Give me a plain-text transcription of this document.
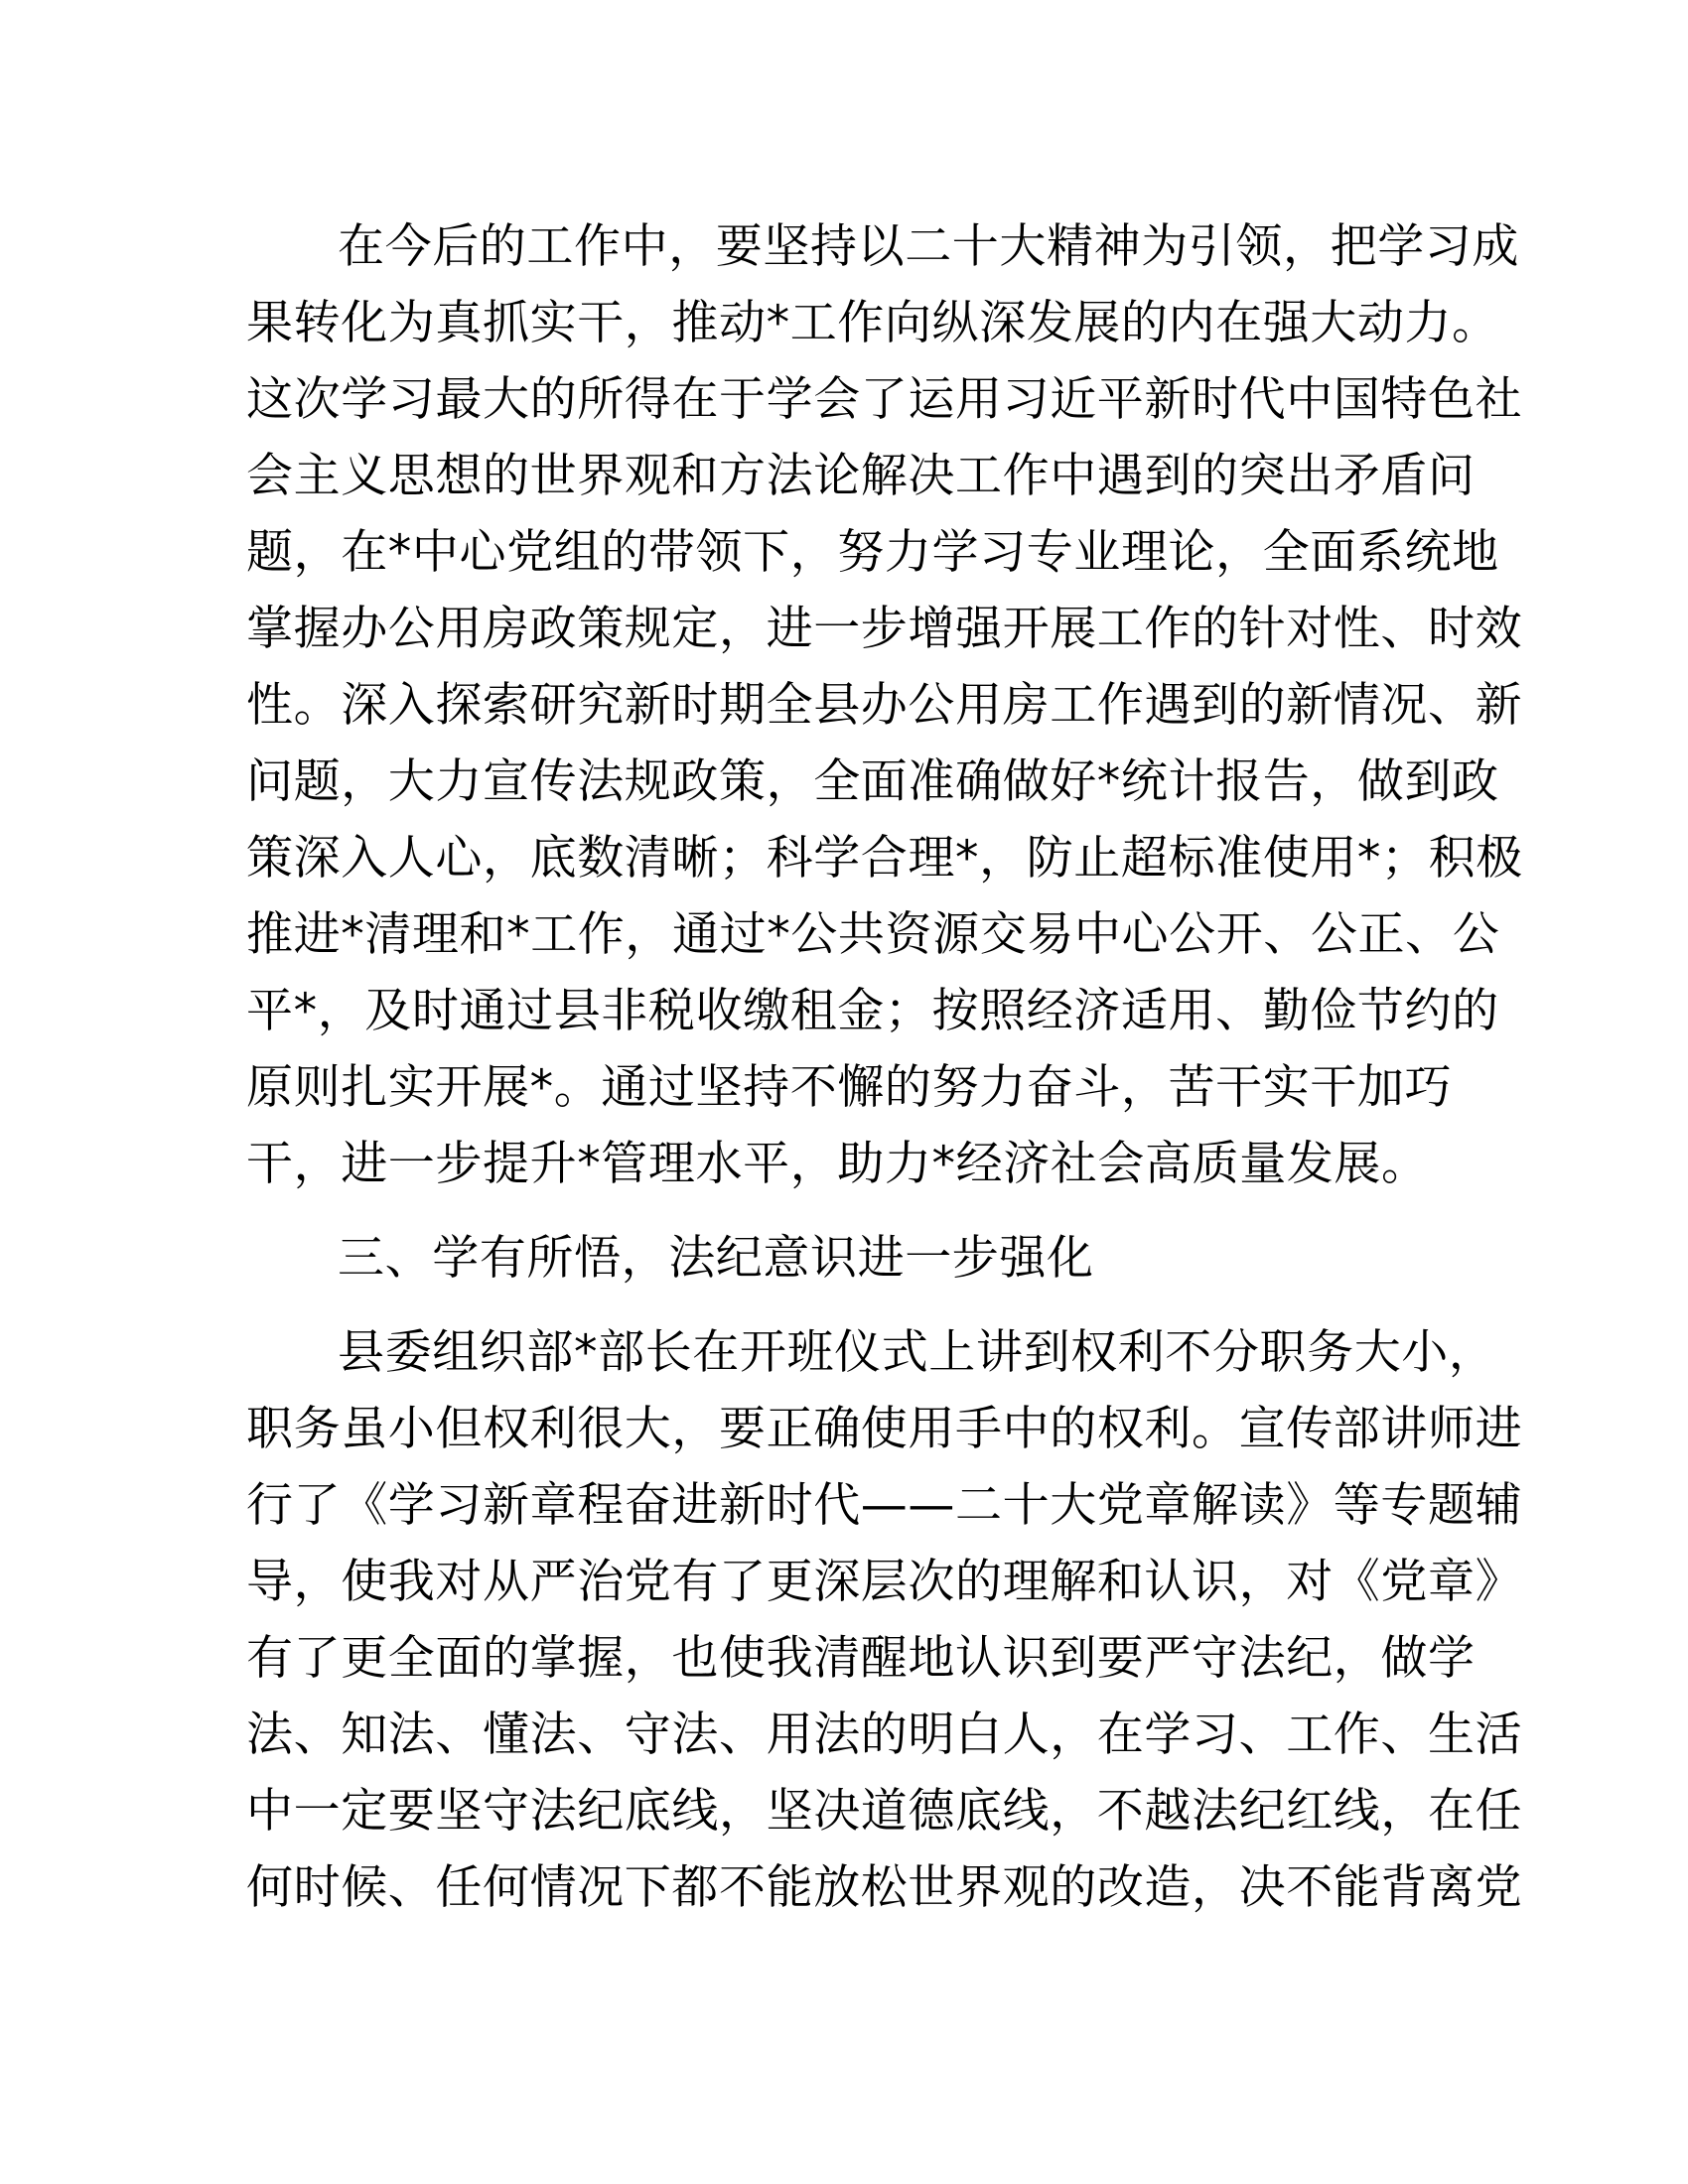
在今后的工作中，要坚持以二十大精神为引领，把学习成
果转化为真抓实干，推动*工作向纵深发展的内在强大动力。
这次学习最大的所得在于学会了运用习近平新时代中国特色社
会主义思想的世界观和方法论解决工作中遇到的突出矛盾问
题，在*中心党组的带领下，努力学习专业理论，全面系统地
掌握办公用房政策规定，进一步增强开展工作的针对性、时效
性。深入探索研究新时期全县办公用房工作遇到的新情况、新
问题，大力宣传法规政策，全面准确做好*统计报告，做到政
策深入人心，底数清晰；科学合理*，防止超标准使用*；积极
推进*清理和*工作，通过*公共资源交易中心公开、公正、公
平*，及时通过县非税收缴租金；按照经济适用、勤俭节约的
原则扎实开展*。通过坚持不懈的努力奋斗，苦干实干加巧
干，进一步提升*管理水平，助力*经济社会高质量发展。
三、学有所悟，法纪意识进一步强化
县委组织部*部长在开班仪式上讲到权利不分职务大小，
职务虽小但权利很大，要正确使用手中的权利。宣传部讲师进
行了《学习新章程奋进新时代——二十大党章解读》等专题辅
导，使我对从严治党有了更深层次的理解和认识，对《党章》
有了更全面的掌握，也使我清醒地认识到要严守法纪，做学
法、知法、懂法、守法、用法的明白人，在学习、工作、生活
中一定要坚守法纪底线，坚决道德底线，不越法纪红线，在任
何时候、任何情况下都不能放松世界观的改造，决不能背离党
